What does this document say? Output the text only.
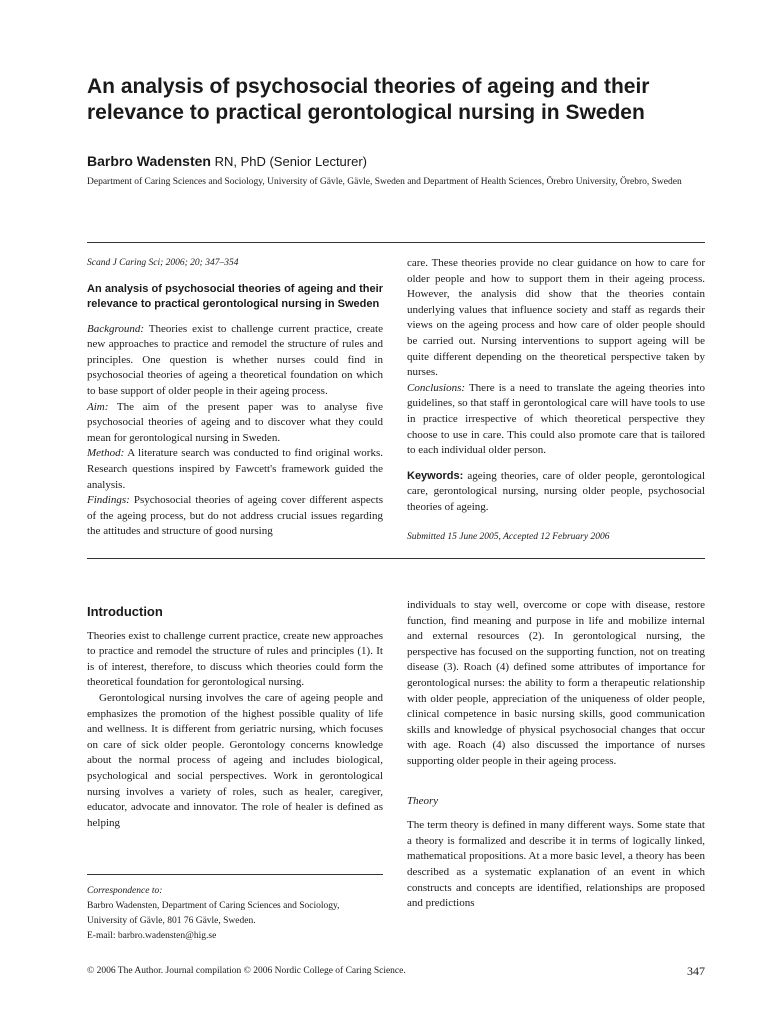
An analysis of psychosocial theories of ageing and their relevance to practical gerontological nursing in Sweden
Barbro Wadensten RN, PhD (Senior Lecturer)
Department of Caring Sciences and Sociology, University of Gävle, Gävle, Sweden and Department of Health Sciences, Örebro University, Örebro, Sweden

Scand J Caring Sci; 2006; 20; 347–354

An analysis of psychosocial theories of ageing and their relevance to practical gerontological nursing in Sweden

Background: Theories exist to challenge current practice, create new approaches to practice and remodel the structure of rules and principles. One question is whether nurses could find in psychosocial theories of ageing a theoretical foundation on which to base support of older people in their ageing process.

Aim: The aim of the present paper was to analyse five psychosocial theories of ageing and to discover what they could mean for gerontological nursing in Sweden.

Method: A literature search was conducted to find original works. Research questions inspired by Fawcett's framework guided the analysis.

Findings: Psychosocial theories of ageing cover different aspects of the ageing process, but do not address crucial issues regarding the attitudes and structure of good nursing

care. These theories provide no clear guidance on how to care for older people and how to support them in their ageing process. However, the analysis did show that the theories contain underlying values that influence society and staff as regards their views on the ageing process and how care of older people should be carried out. Nursing interventions to support ageing will be quite different depending on the theoretical perspective taken by nurses.

Conclusions: There is a need to translate the ageing theories into guidelines, so that staff in gerontological care will have tools to use in practice irrespective of which theoretical perspective they choose to use in care. This could also promote care that is tailored to each individual older person.

Keywords: ageing theories, care of older people, gerontological care, gerontological nursing, nursing older people, psychosocial theories of ageing.

Submitted 15 June 2005, Accepted 12 February 2006

Introduction

Theories exist to challenge current practice, create new approaches to practice and remodel the structure of rules and principles (1). It is of interest, therefore, to discuss which theories could form the theoretical foundation for gerontological nursing.

Gerontological nursing involves the care of ageing people and emphasizes the promotion of the highest possible quality of life and wellness. It is different from geriatric nursing, which focuses on care of sick older people. Gerontology concerns knowledge about the normal process of ageing and includes biological, psychological and social perspectives. Work in gerontological nursing involves a variety of roles, such as healer, caregiver, educator, advocate and innovator. The role of healer is defined as helping

individuals to stay well, overcome or cope with disease, restore function, find meaning and purpose in life and mobilize internal and external resources (2). In gerontological nursing, the perspective has focused on the supporting function, not on treating disease (3). Roach (4) defined some attributes of importance for gerontological nurses: the ability to form a therapeutic relationship with older people, appreciation of the uniqueness of older people, clinical competence in basic nursing skills, good communication skills and knowledge of physical psychosocial changes that occur with age. Roach (4) also discussed the importance of nurses supporting older people in their ageing process.

Theory

The term theory is defined in many different ways. Some state that a theory is formalized and describe it in terms of logically linked, mathematical propositions. At a more basic level, a theory has been described as a systematic explanation of an event in which constructs and concepts are identified, relationships are proposed and predictions

Correspondence to:
Barbro Wadensten, Department of Caring Sciences and Sociology,
University of Gävle, 801 76 Gävle, Sweden.
E-mail: barbro.wadensten@hig.se
© 2006 The Author. Journal compilation © 2006 Nordic College of Caring Science.	347
